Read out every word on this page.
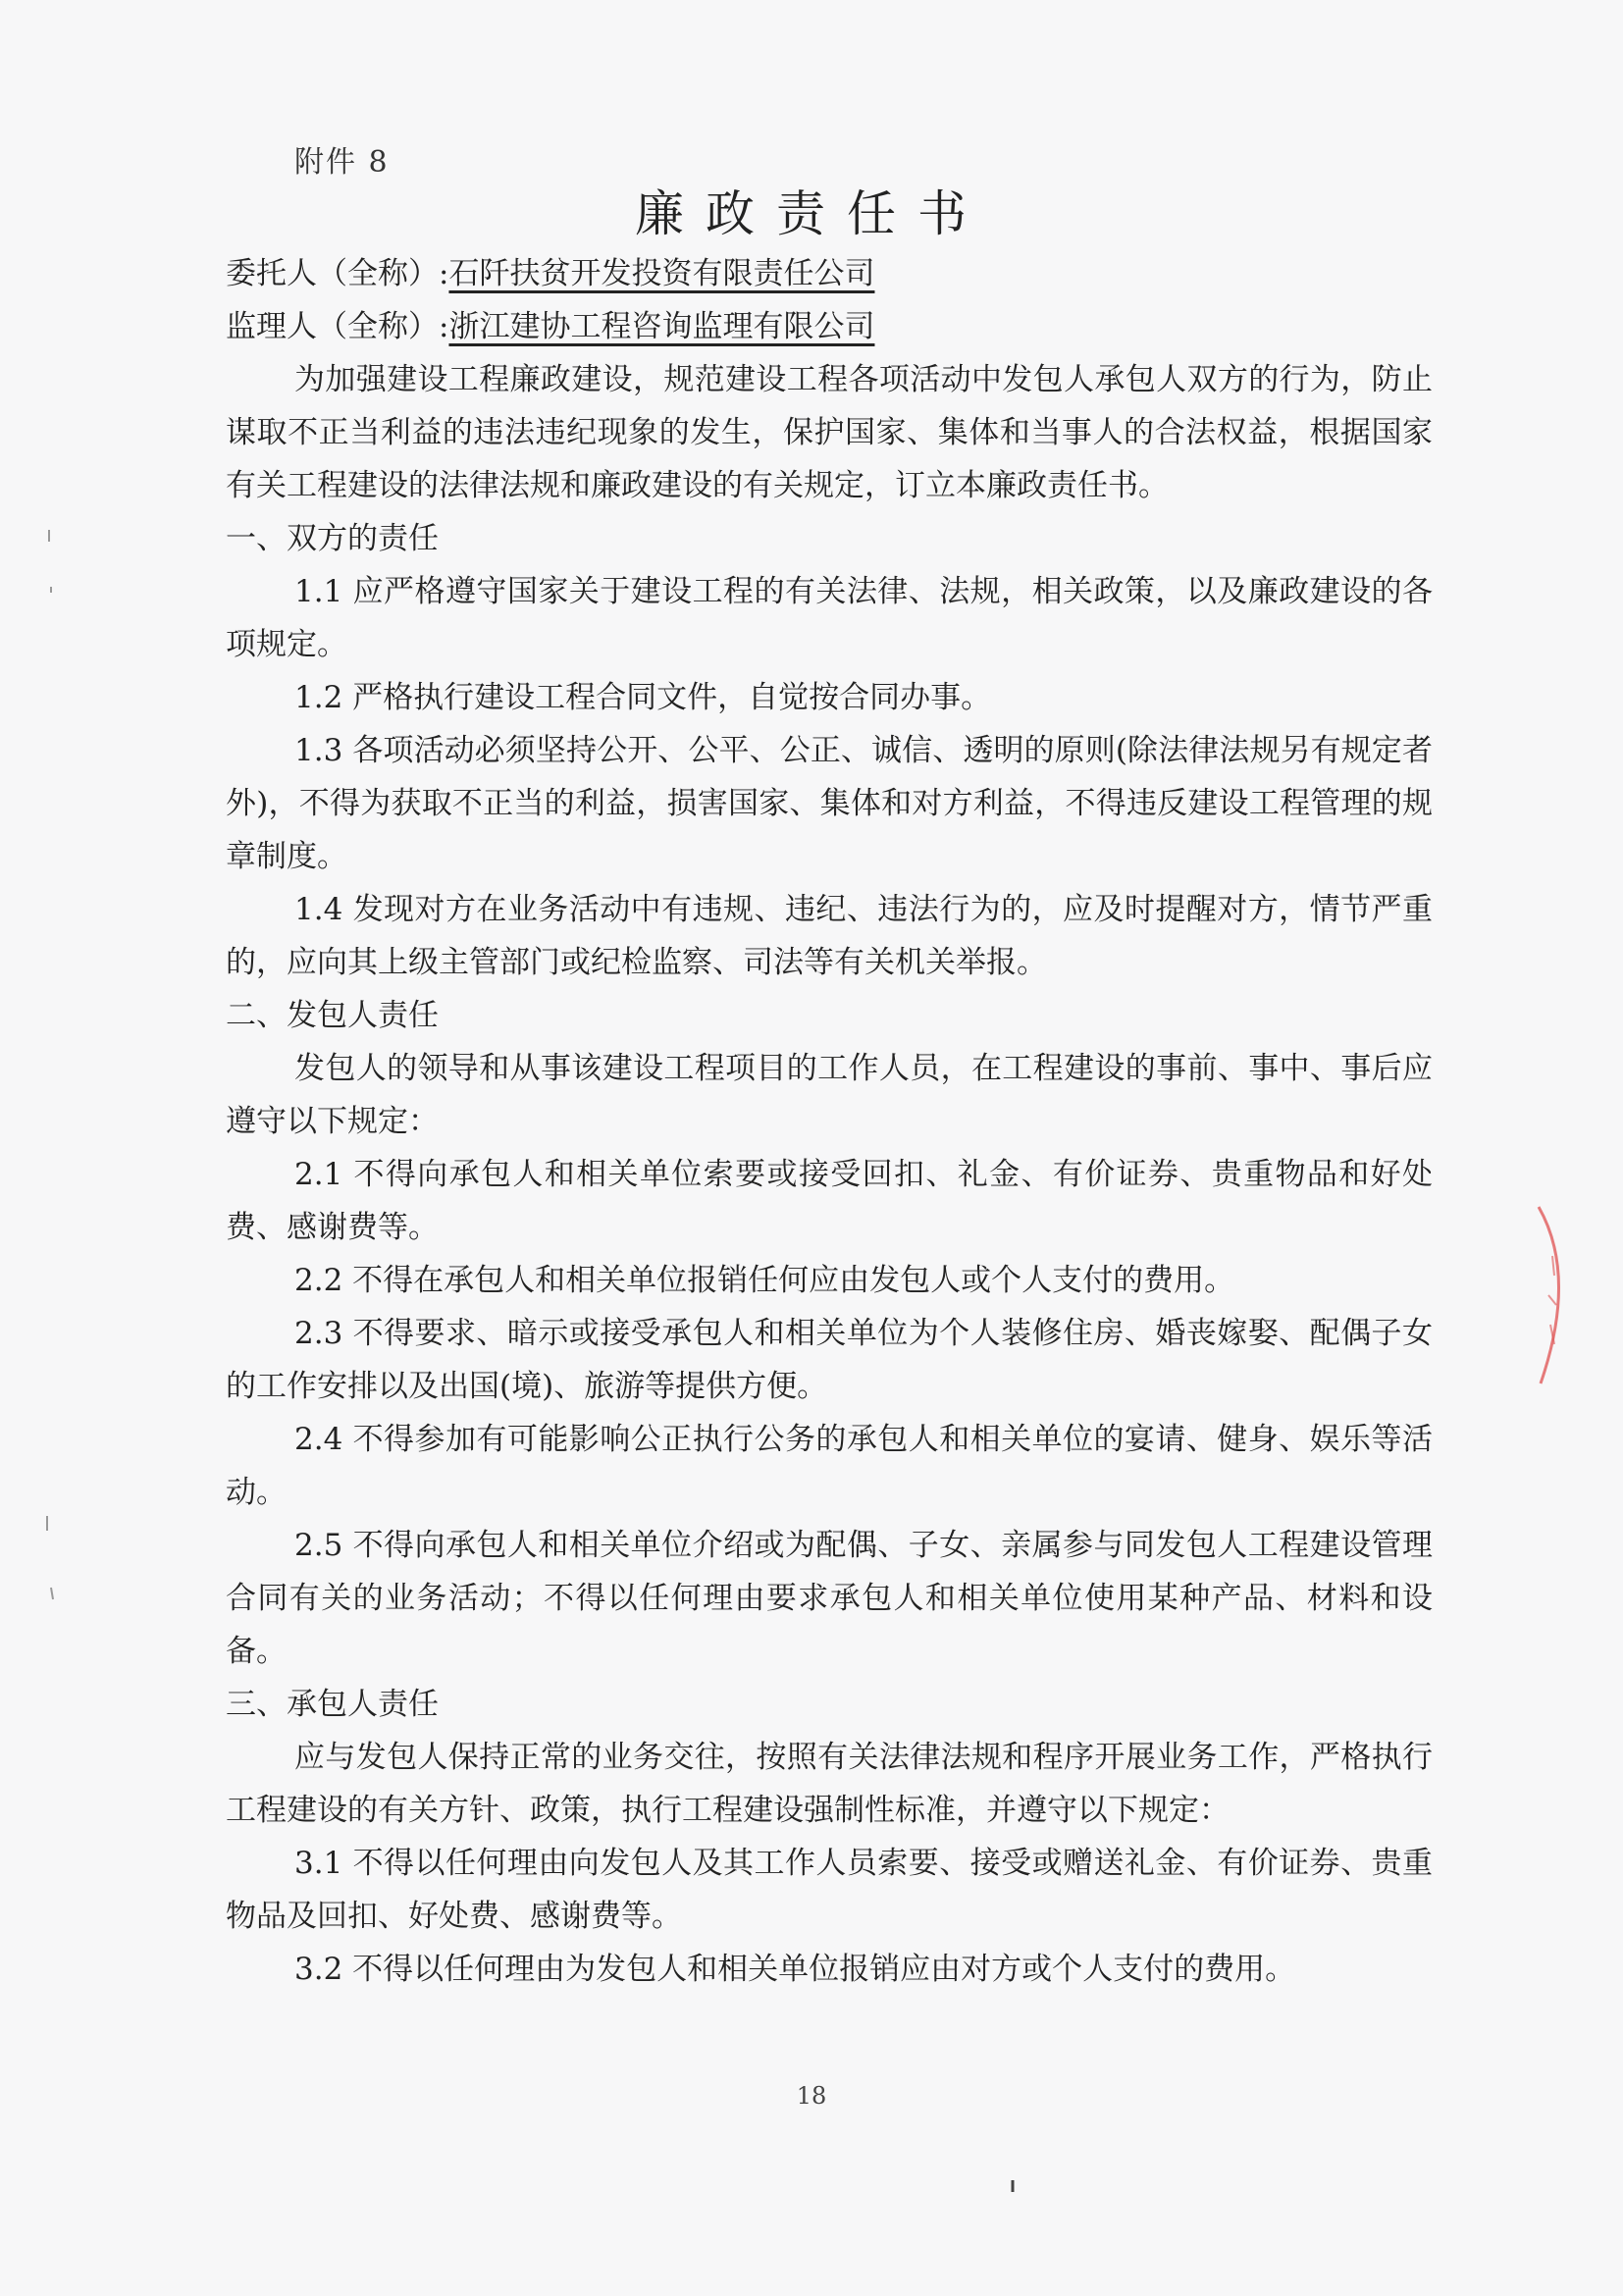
附件 8
廉政责任书
委托人（全称）:石阡扶贫开发投资有限责任公司
监理人（全称）:浙江建协工程咨询监理有限公司

为加强建设工程廉政建设，规范建设工程各项活动中发包人承包人双方的行为，防止谋取不正当利益的违法违纪现象的发生，保护国家、集体和当事人的合法权益，根据国家有关工程建设的法律法规和廉政建设的有关规定，订立本廉政责任书。

一、双方的责任

1.1 应严格遵守国家关于建设工程的有关法律、法规，相关政策，以及廉政建设的各项规定。

1.2 严格执行建设工程合同文件，自觉按合同办事。

1.3 各项活动必须坚持公开、公平、公正、诚信、透明的原则(除法律法规另有规定者外)，不得为获取不正当的利益，损害国家、集体和对方利益，不得违反建设工程管理的规章制度。

1.4 发现对方在业务活动中有违规、违纪、违法行为的，应及时提醒对方，情节严重的，应向其上级主管部门或纪检监察、司法等有关机关举报。

二、发包人责任

发包人的领导和从事该建设工程项目的工作人员，在工程建设的事前、事中、事后应遵守以下规定：

2.1 不得向承包人和相关单位索要或接受回扣、礼金、有价证券、贵重物品和好处费、感谢费等。

2.2 不得在承包人和相关单位报销任何应由发包人或个人支付的费用。

2.3 不得要求、暗示或接受承包人和相关单位为个人装修住房、婚丧嫁娶、配偶子女的工作安排以及出国(境)、旅游等提供方便。

2.4 不得参加有可能影响公正执行公务的承包人和相关单位的宴请、健身、娱乐等活动。

2.5 不得向承包人和相关单位介绍或为配偶、子女、亲属参与同发包人工程建设管理合同有关的业务活动；不得以任何理由要求承包人和相关单位使用某种产品、材料和设备。

三、承包人责任

应与发包人保持正常的业务交往，按照有关法律法规和程序开展业务工作，严格执行工程建设的有关方针、政策，执行工程建设强制性标准，并遵守以下规定：

3.1 不得以任何理由向发包人及其工作人员索要、接受或赠送礼金、有价证券、贵重物品及回扣、好处费、感谢费等。

3.2 不得以任何理由为发包人和相关单位报销应由对方或个人支付的费用。

18
